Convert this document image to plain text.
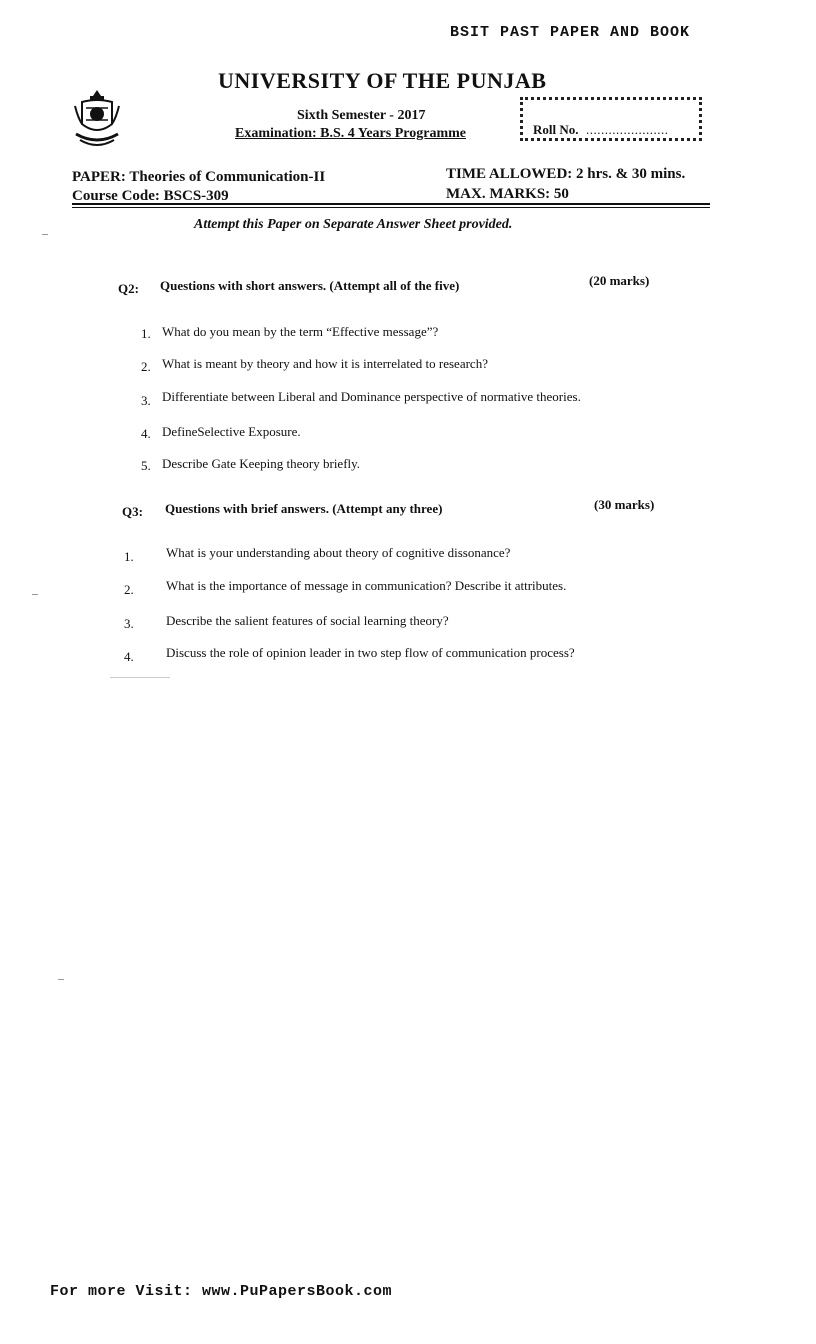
BSIT PAST PAPER AND BOOK
UNIVERSITY OF THE PUNJAB
Sixth Semester - 2017
Examination: B.S. 4 Years Programme	Roll No. ......................
PAPER: Theories of Communication-II
Course Code: BSCS-309
TIME ALLOWED: 2 hrs. & 30 mins.
MAX. MARKS: 50
Attempt this Paper on Separate Answer Sheet provided.
Q2: Questions with short answers. (Attempt all of the five)	(20 marks)
1. What do you mean by the term “Effective message”?
2. What is meant by theory and how it is interrelated to research?
3. Differentiate between Liberal and Dominance perspective of normative theories.
4. DefineSelective Exposure.
5. Describe Gate Keeping theory briefly.
Q3: Questions with brief answers. (Attempt any three)	(30 marks)
1. What is your understanding about theory of cognitive dissonance?
2. What is the importance of message in communication? Describe it attributes.
3. Describe the salient features of social learning theory?
4. Discuss the role of opinion leader in two step flow of communication process?
For more Visit: www.PuPapersBook.com
